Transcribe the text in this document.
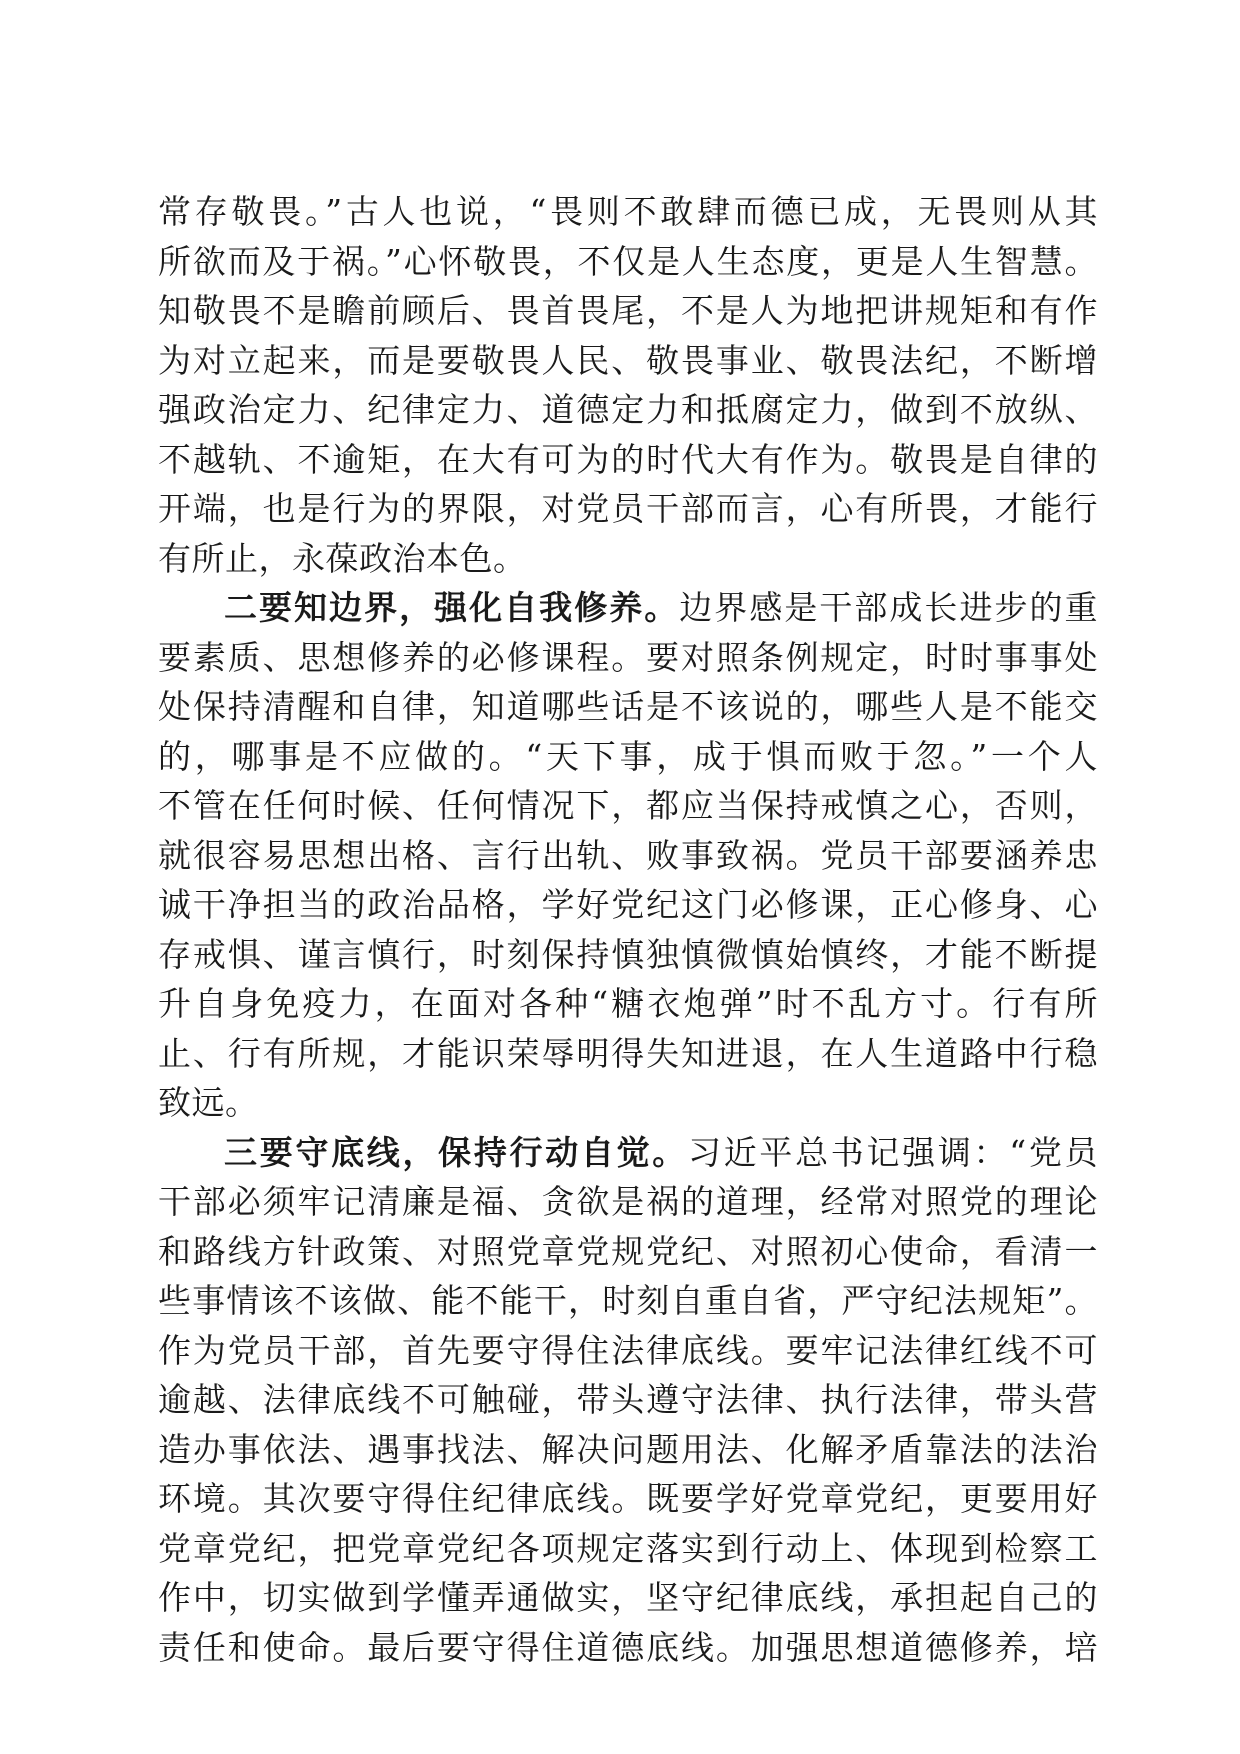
常存敬畏。”古人也说，“畏则不敢肆而德已成，无畏则从其
所欲而及于祸。”心怀敬畏，不仅是人生态度，更是人生智慧。
知敬畏不是瞻前顾后、畏首畏尾，不是人为地把讲规矩和有作
为对立起来，而是要敬畏人民、敬畏事业、敬畏法纪，不断增
强政治定力、纪律定力、道德定力和抵腐定力，做到不放纵、
不越轨、不逾矩，在大有可为的时代大有作为。敬畏是自律的
开端，也是行为的界限，对党员干部而言，心有所畏，才能行
有所止，永葆政治本色。
二要知边界，强化自我修养。边界感是干部成长进步的重
要素质、思想修养的必修课程。要对照条例规定，时时事事处
处保持清醒和自律，知道哪些话是不该说的，哪些人是不能交
的，哪事是不应做的。“天下事，成于惧而败于忽。”一个人
不管在任何时候、任何情况下，都应当保持戒慎之心，否则，
就很容易思想出格、言行出轨、败事致祸。党员干部要涵养忠
诚干净担当的政治品格，学好党纪这门必修课，正心修身、心
存戒惧、谨言慎行，时刻保持慎独慎微慎始慎终，才能不断提
升自身免疫力，在面对各种“糖衣炮弹”时不乱方寸。行有所
止、行有所规，才能识荣辱明得失知进退，在人生道路中行稳
致远。
三要守底线，保持行动自觉。习近平总书记强调：“党员
干部必须牢记清廉是福、贪欲是祸的道理，经常对照党的理论
和路线方针政策、对照党章党规党纪、对照初心使命，看清一
些事情该不该做、能不能干，时刻自重自省，严守纪法规矩”。
作为党员干部，首先要守得住法律底线。要牢记法律红线不可
逾越、法律底线不可触碰，带头遵守法律、执行法律，带头营
造办事依法、遇事找法、解决问题用法、化解矛盾靠法的法治
环境。其次要守得住纪律底线。既要学好党章党纪，更要用好
党章党纪，把党章党纪各项规定落实到行动上、体现到检察工
作中，切实做到学懂弄通做实，坚守纪律底线，承担起自己的
责任和使命。最后要守得住道德底线。加强思想道德修养，培
